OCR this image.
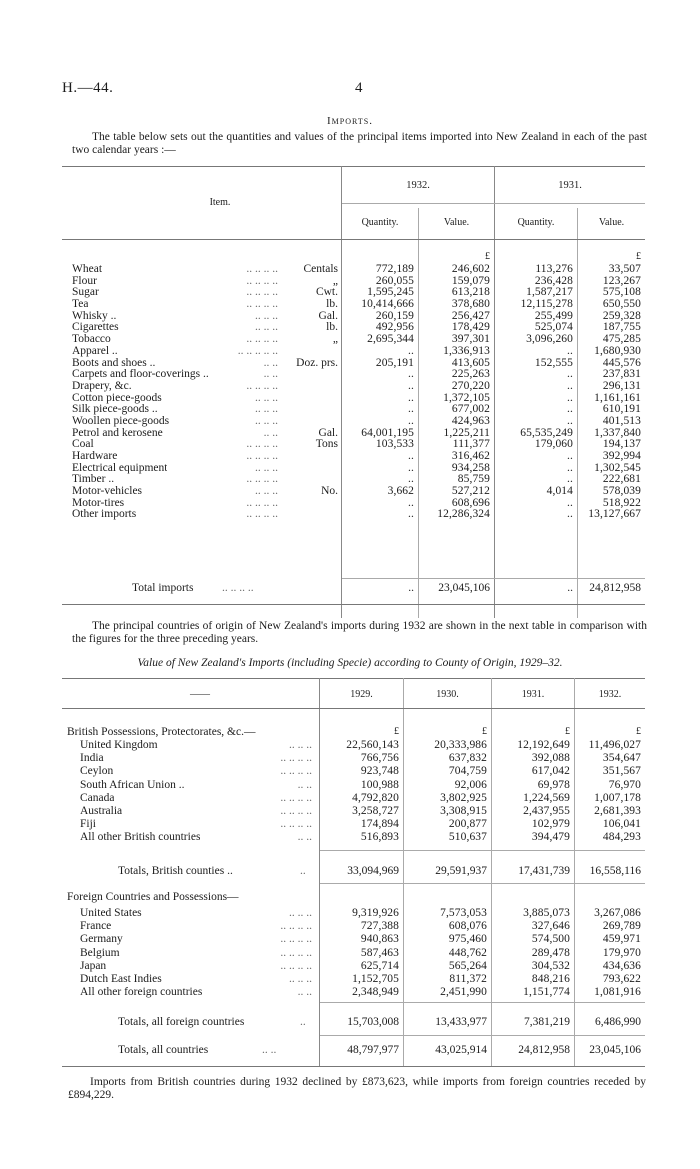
H.—44.	4
Imports.
The table below sets out the quantities and values of the principal items imported into New Zealand in each of the past two calendar years :—
Item.
1932.	1931.
Quantity.	Value.	Quantity.	Value.
£	£
Wheat	.. .. .. ..	Centals	772,189	246,602	113,276	33,507
Flour	.. .. .. ..	„	260,055	159,079	236,428	123,267
Sugar	.. .. .. ..	Cwt.	1,595,245	613,218	1,587,217	575,108
Tea	.. .. .. ..	lb.	10,414,666	378,680	12,115,278	650,550
Whisky ..	.. .. ..	Gal.	260,159	256,427	255,499	259,328
Cigarettes	.. .. ..	lb.	492,956	178,429	525,074	187,755
Tobacco	.. .. .. ..	„	2,695,344	397,301	3,096,260	475,285
Apparel ..	.. .. .. .. ..	..	1,336,913	..	1,680,930
Boots and shoes ..	.. ..	Doz. prs.	205,191	413,605	152,555	445,576
Carpets and floor-coverings ..	.. ..	..	225,263	..	237,831
Drapery, &c.	.. .. .. ..	..	270,220	..	296,131
Cotton piece-goods	.. .. ..	..	1,372,105	..	1,161,161
Silk piece-goods ..	.. .. ..	..	677,002	..	610,191
Woollen piece-goods	.. .. ..	..	424,963	..	401,513
Petrol and kerosene	.. ..	Gal.	64,001,195	1,225,211	65,535,249	1,337,840
Coal	.. .. .. ..	Tons	103,533	111,377	179,060	194,137
Hardware	.. .. .. ..	..	316,462	..	392,994
Electrical equipment	.. .. ..	..	934,258	..	1,302,545
Timber ..	.. .. .. ..	..	85,759	..	222,681
Motor-vehicles	.. .. ..	No.	3,662	527,212	4,014	578,039
Motor-tires	.. .. .. ..	..	608,696	..	518,922
Other imports	.. .. .. ..	..	12,286,324	..	13,127,667
Total imports .. .. .. ..	..	23,045,106	..	24,812,958
The principal countries of origin of New Zealand's imports during 1932 are shown in the next table in comparison with the figures for the three preceding years.
Value of New Zealand's Imports (including Specie) according to County of Origin, 1929–32.
——	1929.	1930.	1931.	1932.
British Possessions, Protectorates, &c.—	£	£	£	£
United Kingdom	.. .. ..	22,560,143	20,333,986	12,192,649	11,496,027
India	.. .. .. ..	766,756	637,832	392,088	354,647
Ceylon	.. .. .. ..	923,748	704,759	617,042	351,567
South African Union ..	.. ..	100,988	92,006	69,978	76,970
Canada	.. .. .. ..	4,792,820	3,802,925	1,224,569	1,007,178
Australia	.. .. .. ..	3,258,727	3,308,915	2,437,955	2,681,393
Fiji	.. .. .. ..	174,894	200,877	102,979	106,041
All other British countries	.. ..	516,893	510,637	394,479	484,293
Totals, British counties ..	..	33,094,969	29,591,937	17,431,739	16,558,116
Foreign Countries and Possessions—
United States	.. .. ..	9,319,926	7,573,053	3,885,073	3,267,086
France	.. .. .. ..	727,388	608,076	327,646	269,789
Germany	.. .. .. ..	940,863	975,460	574,500	459,971
Belgium	.. .. .. ..	587,463	448,762	289,478	179,970
Japan	.. .. .. ..	625,714	565,264	304,532	434,636
Dutch East Indies	.. .. ..	1,152,705	811,372	848,216	793,622
All other foreign countries	.. ..	2,348,949	2,451,990	1,151,774	1,081,916
Totals, all foreign countries	..	15,703,008	13,433,977	7,381,219	6,486,990
Totals, all countries	.. ..	48,797,977	43,025,914	24,812,958	23,045,106
Imports from British countries during 1932 declined by £873,623, while imports from foreign countries receded by £894,229.
